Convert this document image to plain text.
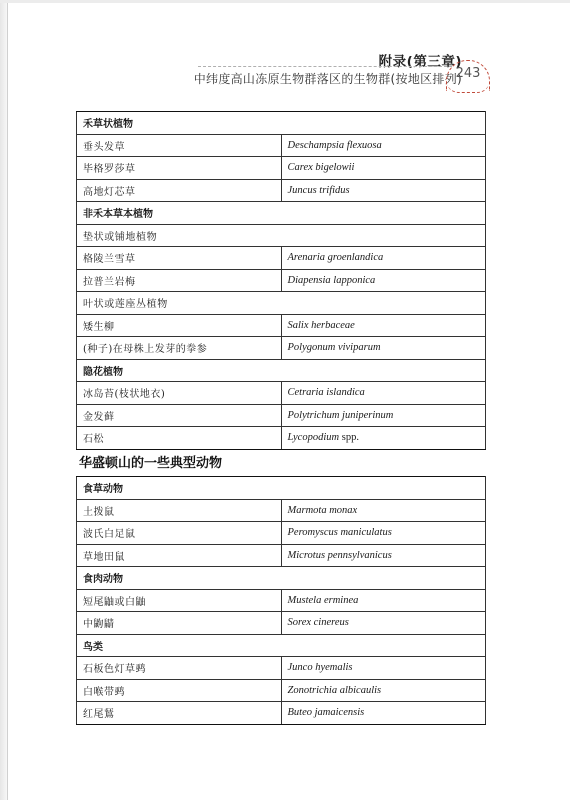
附录(第三章)
中纬度高山冻原生物群落区的生物群(按地区排列)
243
禾草状植物	
垂头发草	Deschampsia flexuosa
毕格罗莎草	Carex bigelowii
高地灯芯草	Juncus trifidus
非禾本草本植物	
垫状或铺地植物	
格陵兰雪草	Arenaria groenlandica
拉普兰岩梅	Diapensia lapponica
叶状或莲座丛植物	
矮生柳	Salix herbaceae
(种子)在母株上发芽的拳参	Polygonum viviparum
隐花植物	
冰岛苔(枝状地衣)	Cetraria islandica
金发藓	Polytrichum juniperinum
石松	Lycopodium spp.
华盛顿山的一些典型动物
食草动物	
土拨鼠	Marmota monax
波氏白足鼠	Peromyscus maniculatus
草地田鼠	Microtus pennsylvanicus
食肉动物	
短尾鼬或白鼬	Mustela erminea
中鼩鼱	Sorex cinereus
鸟类	
石板色灯草鹀	Junco hyemalis
白喉带鹀	Zonotrichia albicaulis
红尾鵟	Buteo jamaicensis
